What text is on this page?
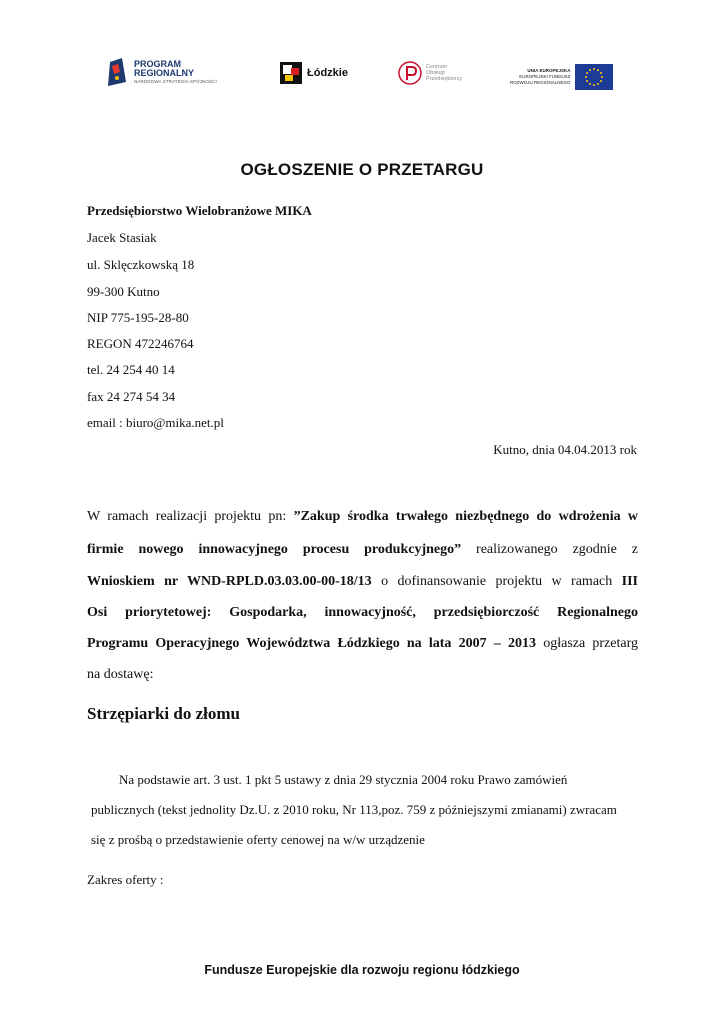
PROGRAM
REGIONALNY
NARODOWA STRATEGIA SPÓJNOŚCI
Łódzkie
Centrum
Obsługi
Przedsiębiorcy
UNIA EUROPEJSKA
EUROPEJSKI FUNDUSZ
ROZWOJU REGIONALNEGO
OGŁOSZENIE O PRZETARGU
Przedsiębiorstwo Wielobranżowe MIKA
Jacek Stasiak
ul. Sklęczkowską 18
99-300 Kutno
NIP 775-195-28-80
REGON 472246764
tel. 24 254 40 14
fax 24 274 54 34
email : biuro@mika.net.pl
Kutno, dnia 04.04.2013 rok
W ramach realizacji projektu pn: ”Zakup środka trwałego niezbędnego do wdrożenia w
firmie nowego innowacyjnego procesu produkcyjnego” realizowanego zgodnie z
Wnioskiem nr WND-RPLD.03.03.00-00-18/13 o dofinansowanie projektu w ramach III
Osi priorytetowej: Gospodarka, innowacyjność, przedsiębiorczość Regionalnego
Programu Operacyjnego Województwa Łódzkiego na lata 2007 – 2013 ogłasza przetarg
na dostawę:
Strzępiarki do złomu
Na podstawie art. 3 ust. 1 pkt 5 ustawy z dnia 29 stycznia 2004 roku Prawo zamówień
publicznych (tekst jednolity Dz.U. z 2010 roku, Nr 113,poz. 759 z późniejszymi zmianami) zwracam
się z prośbą o przedstawienie oferty cenowej na w/w urządzenie
Zakres oferty :
Fundusze Europejskie dla rozwoju regionu łódzkiego
